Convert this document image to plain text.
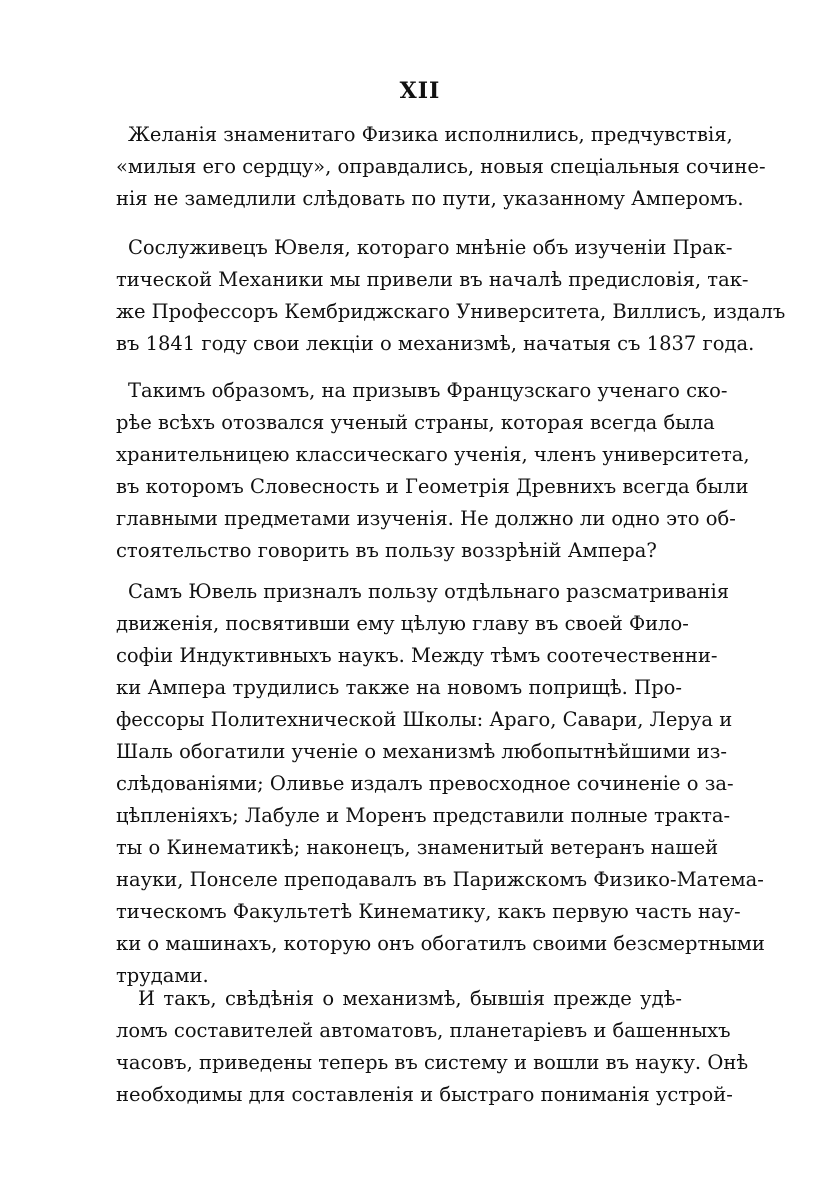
XII
Желанія знаменитаго Физика исполнились, предчувствія,
«милыя его сердцу», оправдались, новыя спеціальныя сочине-
нія не замедлили слѣдовать по пути, указанному Амперомъ.
Сослуживецъ Ювеля, котораго мнѣніе объ изученіи Прак-
тической Механики мы привели въ началѣ предисловія, так-
же Профессоръ Кембриджскаго Университета, Виллисъ, издалъ
въ 1841 году свои лекціи о механизмѣ, начатыя съ 1837 года.
Такимъ образомъ, на призывъ Французскаго ученаго ско-
рѣе всѣхъ отозвался ученый страны, которая всегда была
хранительницею классическаго ученія, членъ университета,
въ которомъ Словесность и Геометрія Древнихъ всегда были
главными предметами изученія. Не должно ли одно это об-
стоятельство говорить въ пользу воззрѣній Ампера?
Самъ Ювель призналъ пользу отдѣльнаго разсматриванія
движенія, посвятивши ему цѣлую главу въ своей Фило-
софіи Индуктивныхъ наукъ. Между тѣмъ соотечественни-
ки Ампера трудились также на новомъ поприщѣ. Про-
фессоры Политехнической Школы: Араго, Савари, Леруа и
Шаль обогатили ученіе о механизмѣ любопытнѣйшими из-
слѣдованіями; Оливье издалъ превосходное сочиненіе о за-
цѣпленіяхъ; Лабуле и Моренъ представили полные тракта-
ты о Кинематикѣ; наконецъ, знаменитый ветеранъ нашей
науки, Понселе преподавалъ въ Парижскомъ Физико-Матема-
тическомъ Факультетѣ Кинематику, какъ первую часть нау-
ки о машинахъ, которую онъ обогатилъ своими безсмертными
трудами.
И такъ, свѣдѣнія о механизмѣ, бывшія прежде удѣ-
ломъ составителей автоматовъ, планетаріевъ и башенныхъ
часовъ, приведены теперь въ систему и вошли въ науку. Онѣ
необходимы для составленія и быстраго пониманія устрой-
